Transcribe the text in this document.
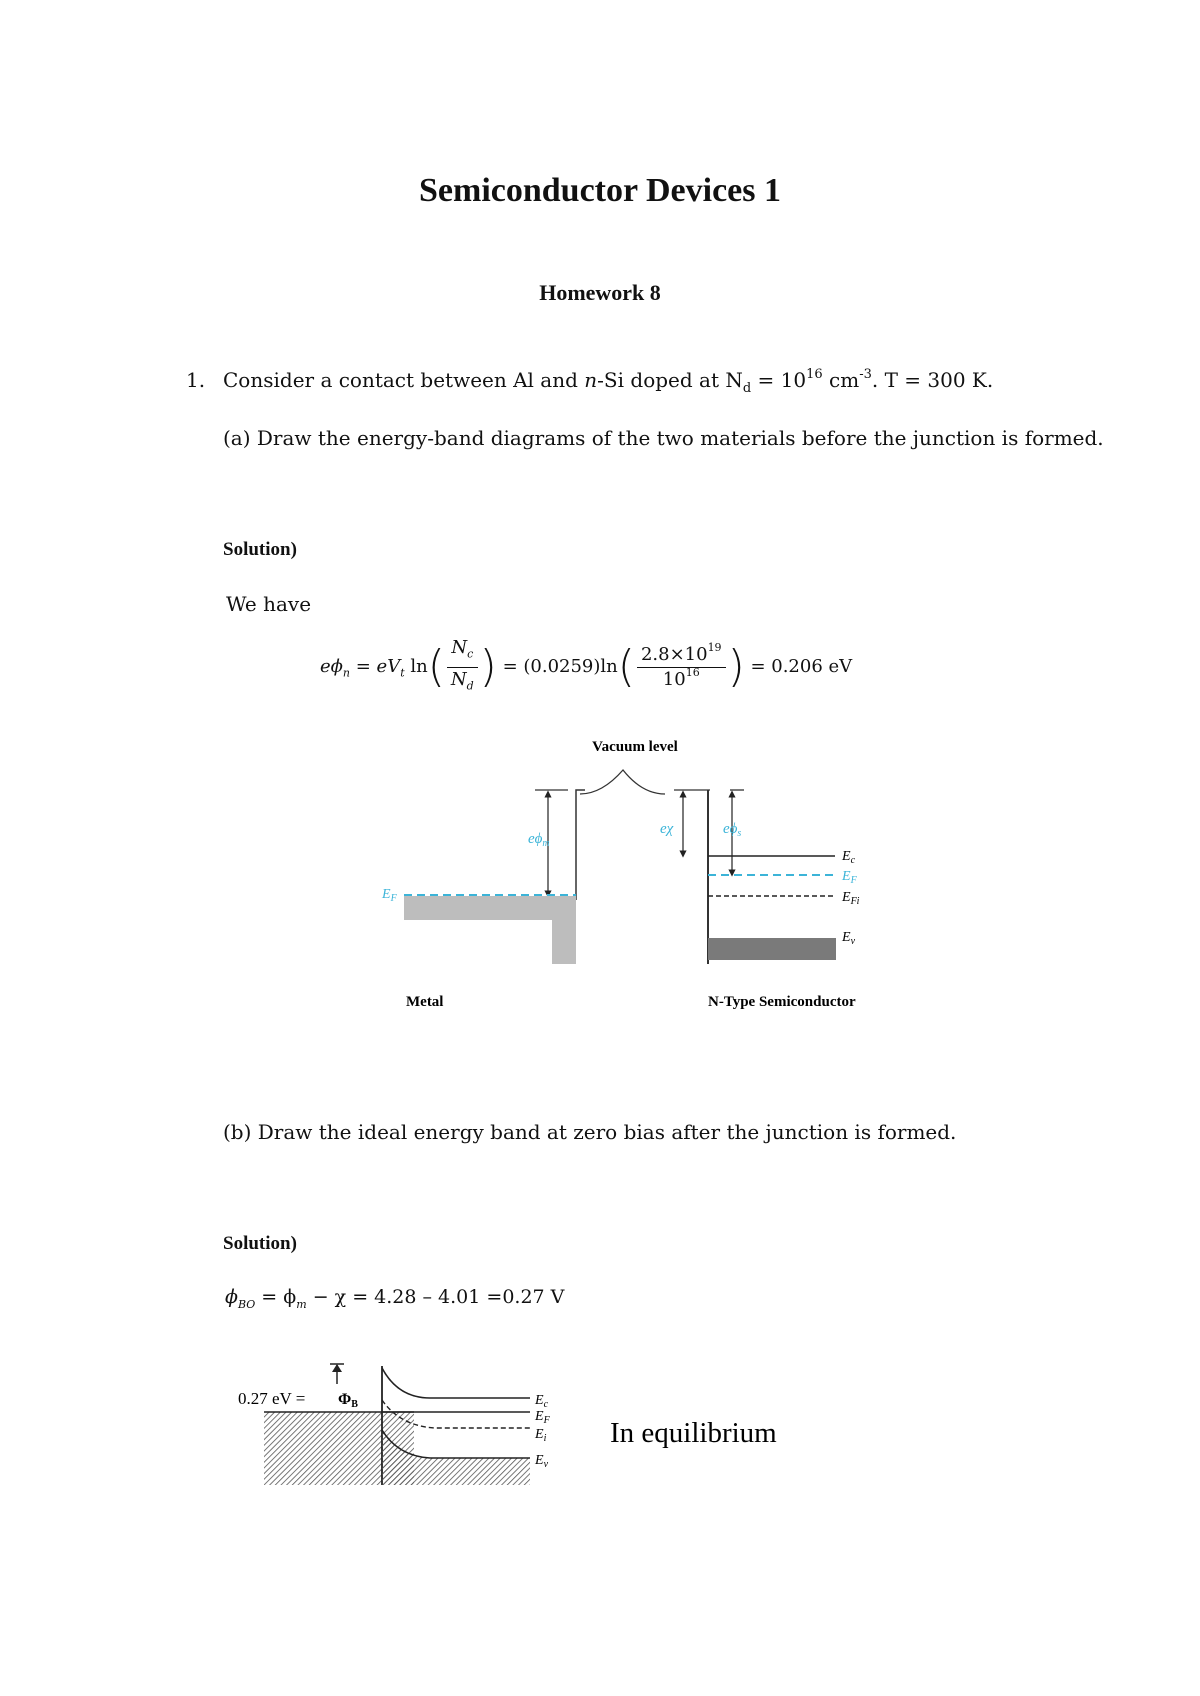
Semiconductor Devices 1
Homework 8
1. Consider a contact between Al and n-Si doped at $N_d = 10^{16}$ $cm^{-3}$. T = 300 K.
(a) Draw the energy-band diagrams of the two materials before the junction is formed.
Solution)
We have
$e\phi_n = eV_t$ $\ln( \frac{N_c}{N_d}$ ) = $(0.0259)\ln( \frac{2.8\times 10^{19}}{10^{16}}$ ) = 0.206 eV
Vacuum level
$e\phi_m$
$E_F$
eχ	$e\phi_s$
$E_c$
$E_F$
$E_{Fi}$
$E_v$
Metal	N-Type Semiconductor
(b) Draw the ideal energy band at zero bias after the junction is formed.
Solution)
$\phi_{BO} = \phi_m - \chi = 4.28 - 4.01 =0.27$ V
0.27 eV = ΦB	$E_c$
$E_F$
$E_i$
$E_v$
In equilibrium
